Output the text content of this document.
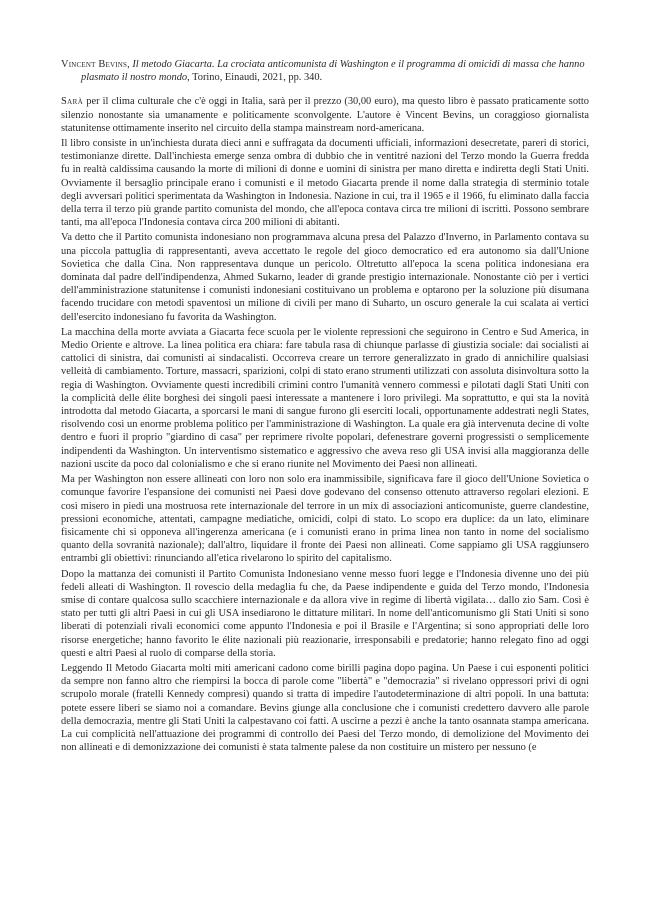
Vincent Bevins, Il metodo Giacarta. La crociata anticomunista di Washington e il programma di omicidi di massa che hanno plasmato il nostro mondo, Torino, Einaudi, 2021, pp. 340.

Sarà per il clima culturale che c'è oggi in Italia, sarà per il prezzo (30,00 euro), ma questo libro è passato praticamente sotto silenzio nonostante sia umanamente e politicamente sconvolgente. L'autore è Vincent Bevins, un coraggioso giornalista statunitense ottimamente inserito nel circuito della stampa mainstream nord-americana.

Il libro consiste in un'inchiesta durata dieci anni e suffragata da documenti ufficiali, informazioni desecretate, pareri di storici, testimonianze dirette. Dall'inchiesta emerge senza ombra di dubbio che in ventitré nazioni del Terzo mondo la Guerra fredda fu in realtà caldissima causando la morte di milioni di donne e uomini di sinistra per mano diretta e indiretta degli Stati Uniti. Ovviamente il bersaglio principale erano i comunisti e il metodo Giacarta prende il nome dalla strategia di sterminio totale degli avversari politici sperimentata da Washington in Indonesia. Nazione in cui, tra il 1965 e il 1966, fu eliminato dalla faccia della terra il terzo più grande partito comunista del mondo, che all'epoca contava circa tre milioni di iscritti. Possono sembrare tanti, ma all'epoca l'Indonesia contava circa 200 milioni di abitanti.

Va detto che il Partito comunista indonesiano non programmava alcuna presa del Palazzo d'Inverno, in Parlamento contava su una piccola pattuglia di rappresentanti, aveva accettato le regole del gioco democratico ed era autonomo sia dall'Unione Sovietica che dalla Cina. Non rappresentava dunque un pericolo. Oltretutto all'epoca la scena politica indonesiana era dominata dal padre dell'indipendenza, Ahmed Sukarno, leader di grande prestigio internazionale. Nonostante ciò per i vertici dell'amministrazione statunitense i comunisti indonesiani costituivano un problema e optarono per la soluzione più disumana facendo trucidare con metodi spaventosi un milione di civili per mano di Suharto, un oscuro generale la cui scalata ai vertici dell'esercito indonesiano fu favorita da Washington.

La macchina della morte avviata a Giacarta fece scuola per le violente repressioni che seguirono in Centro e Sud America, in Medio Oriente e altrove. La linea politica era chiara: fare tabula rasa di chiunque parlasse di giustizia sociale: dai socialisti ai cattolici di sinistra, dai comunisti ai sindacalisti. Occorreva creare un terrore generalizzato in grado di annichilire qualsiasi velleità di cambiamento. Torture, massacri, sparizioni, colpi di stato erano strumenti utilizzati con assoluta disinvoltura sotto la regia di Washington. Ovviamente questi incredibili crimini contro l'umanità vennero commessi e pilotati dagli Stati Uniti con la complicità delle élite borghesi dei singoli paesi interessate a mantenere i loro privilegi. Ma soprattutto, e qui sta la novità introdotta dal metodo Giacarta, a sporcarsi le mani di sangue furono gli eserciti locali, opportunamente addestrati negli States, risolvendo così un enorme problema politico per l'amministrazione di Washington. La quale era già intervenuta decine di volte dentro e fuori il proprio "giardino di casa" per reprimere rivolte popolari, defenestrare governi progressisti o semplicemente indipendenti da Washington. Un interventismo sistematico e aggressivo che aveva reso gli USA invisi alla maggioranza delle nazioni uscite da poco dal colonialismo e che si erano riunite nel Movimento dei Paesi non allineati.

Ma per Washington non essere allineati con loro non solo era inammissibile, significava fare il gioco dell'Unione Sovietica o comunque favorire l'espansione dei comunisti nei Paesi dove godevano del consenso ottenuto attraverso regolari elezioni. E così misero in piedi una mostruosa rete internazionale del terrore in un mix di associazioni anticomuniste, guerre clandestine, pressioni economiche, attentati, campagne mediatiche, omicidi, colpi di stato. Lo scopo era duplice: da un lato, eliminare fisicamente chi si opponeva all'ingerenza americana (e i comunisti erano in prima linea non tanto in nome del socialismo quanto della sovranità nazionale); dall'altro, liquidare il fronte dei Paesi non allineati. Come sappiamo gli USA raggiunsero entrambi gli obiettivi: rinunciando all'etica rivelarono lo spirito del capitalismo.

Dopo la mattanza dei comunisti il Partito Comunista Indonesiano venne messo fuori legge e l'Indonesia divenne uno dei più fedeli alleati di Washington. Il rovescio della medaglia fu che, da Paese indipendente e guida del Terzo mondo, l'Indonesia smise di contare qualcosa sullo scacchiere internazionale e da allora vive in regime di libertà vigilata… dallo zio Sam. Così è stato per tutti gli altri Paesi in cui gli USA insediarono le dittature militari. In nome dell'anticomunismo gli Stati Uniti si sono liberati di potenziali rivali economici come appunto l'Indonesia e poi il Brasile e l'Argentina; si sono appropriati delle loro risorse energetiche; hanno favorito le élite nazionali più reazionarie, irresponsabili e predatorie; hanno relegato fino ad oggi questi e altri Paesi al ruolo di comparse della storia.

Leggendo Il Metodo Giacarta molti miti americani cadono come birilli pagina dopo pagina. Un Paese i cui esponenti politici da sempre non fanno altro che riempirsi la bocca di parole come "libertà" e "democrazia" si rivelano oppressori privi di ogni scrupolo morale (fratelli Kennedy compresi) quando si tratta di impedire l'autodeterminazione di altri popoli. In una battuta: potete essere liberi se siamo noi a comandare. Bevins giunge alla conclusione che i comunisti credettero davvero alle parole della democrazia, mentre gli Stati Uniti la calpestavano coi fatti. A uscirne a pezzi è anche la tanto osannata stampa americana. La cui complicità nell'attuazione dei programmi di controllo dei Paesi del Terzo mondo, di demolizione del Movimento dei non allineati e di demonizzazione dei comunisti è stata talmente palese da non costituire un mistero per nessuno (e
